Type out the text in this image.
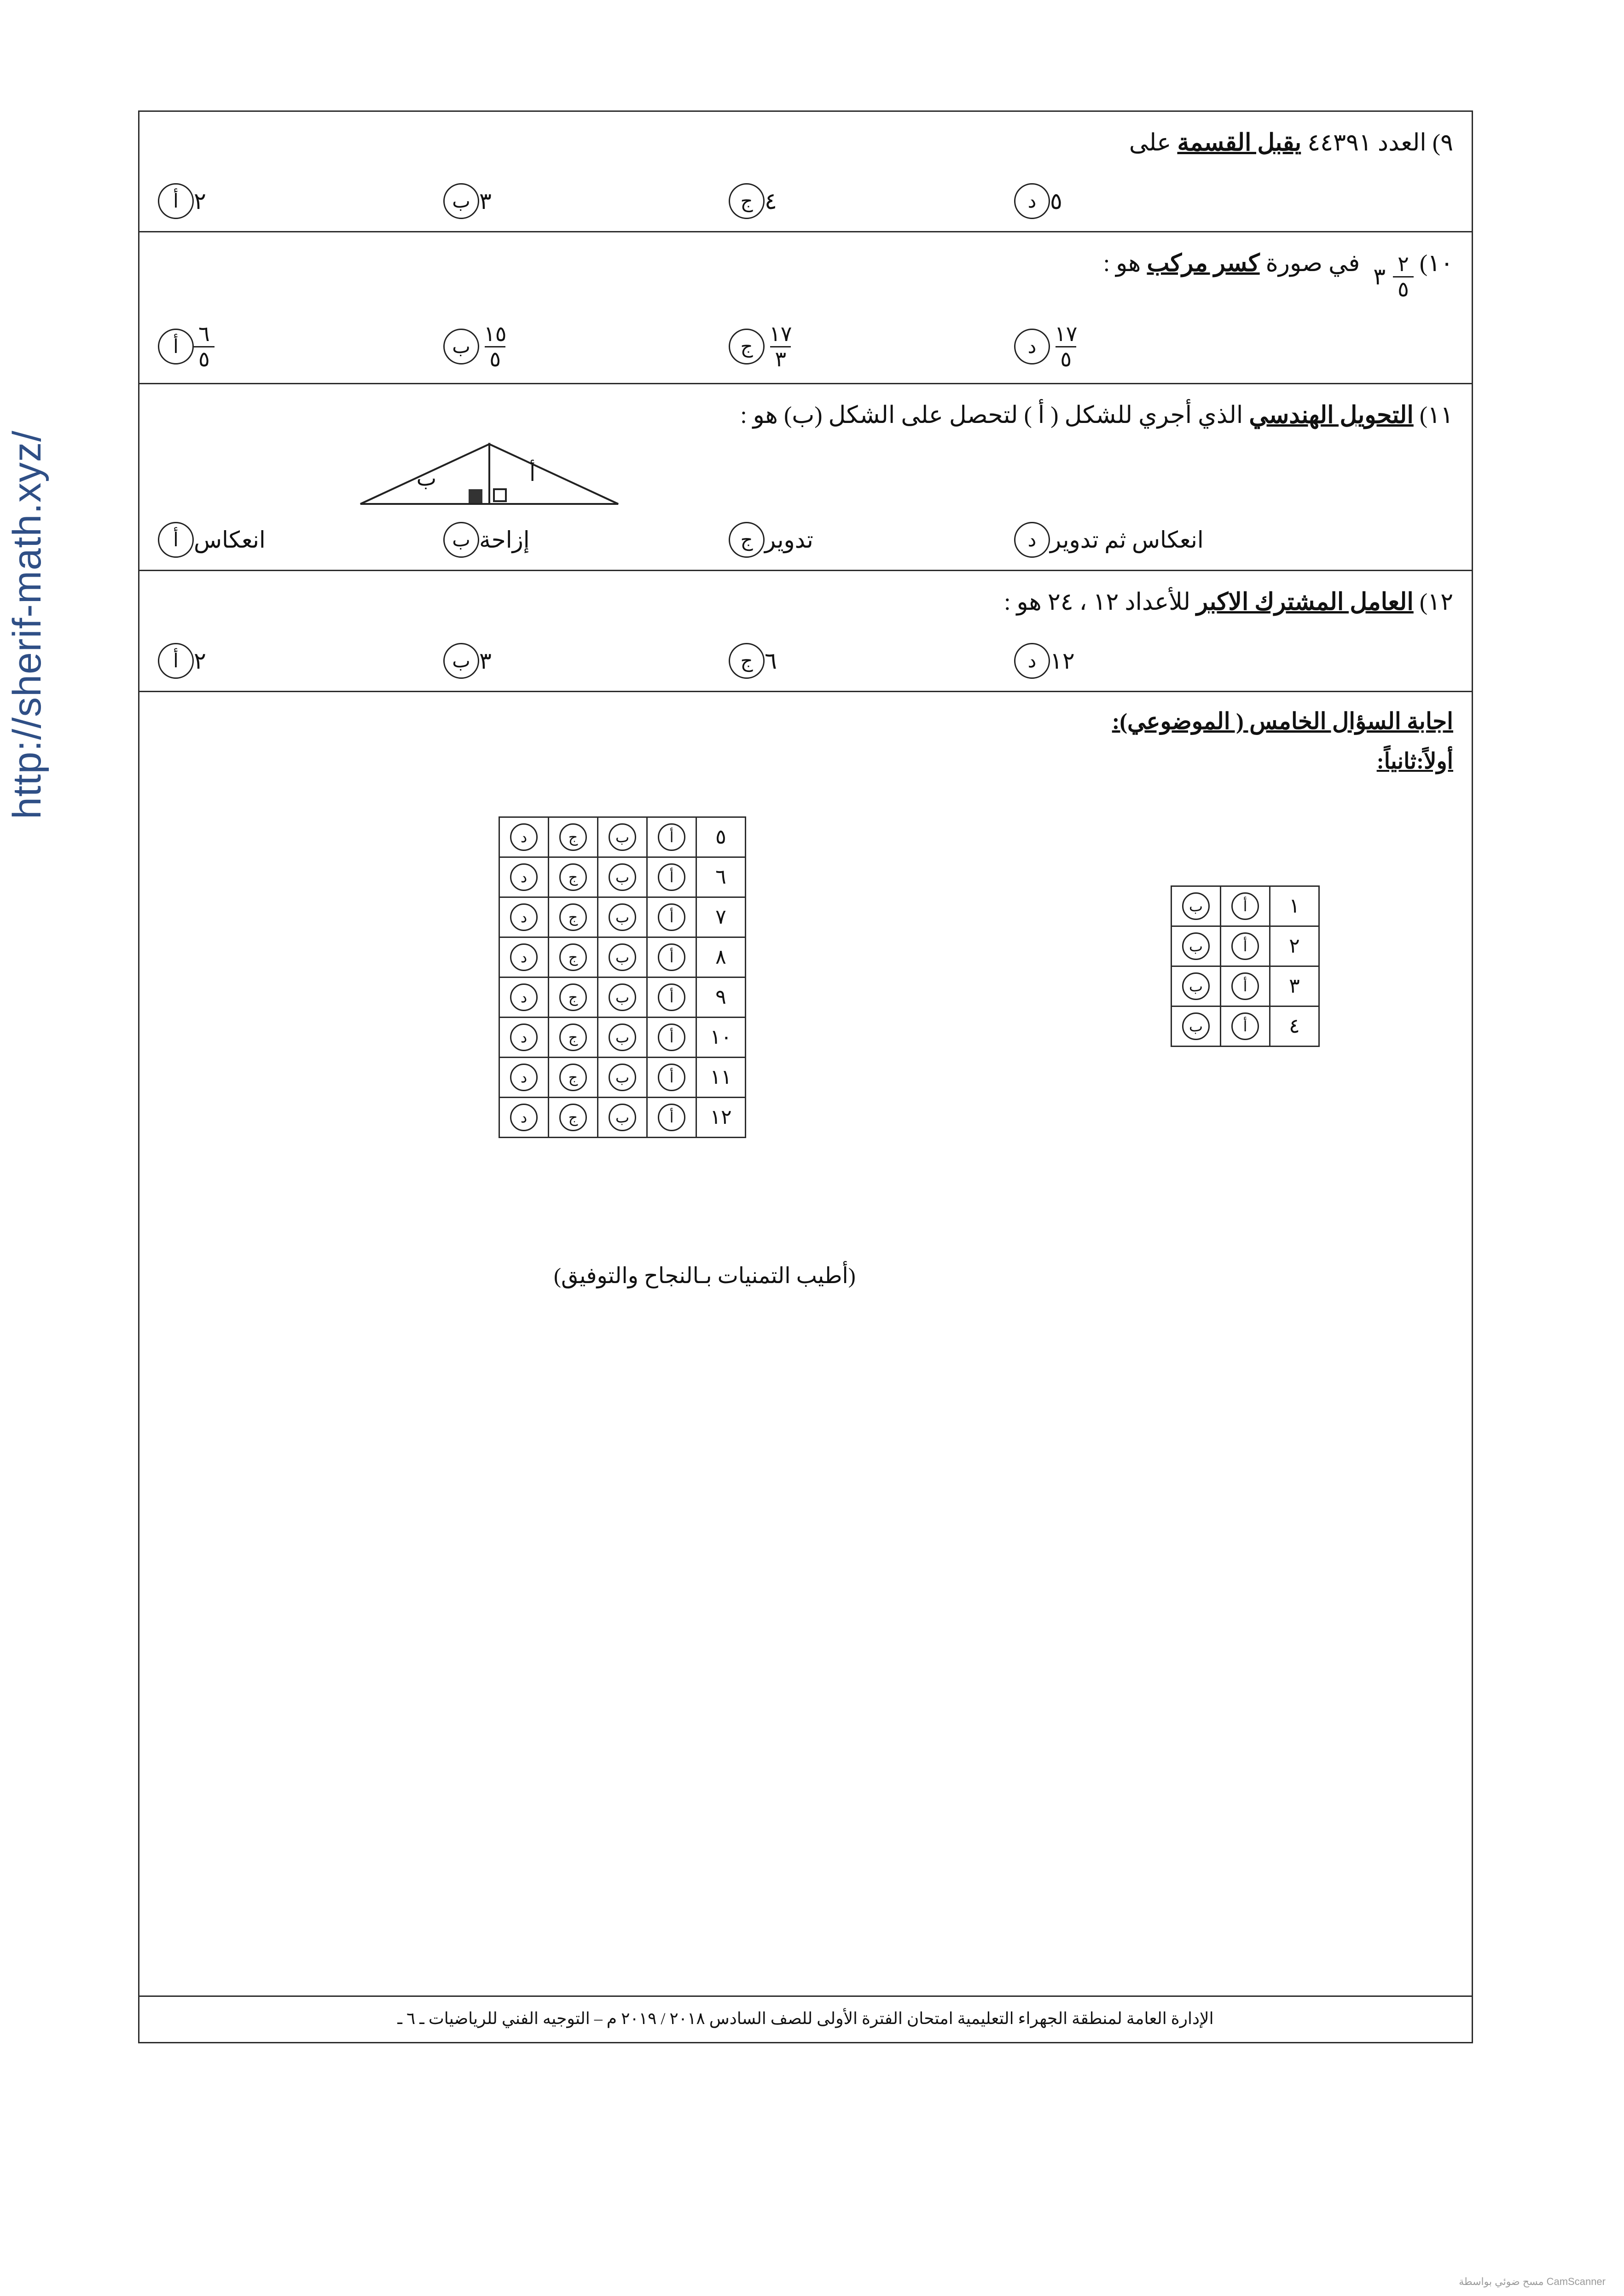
http://sherif-math.xyz/
مسح ضوئي بواسطة CamScanner
٩) العدد ٤٤٣٩١ يقبل القسمة على
أ ٢	ب ٣	ج ٤	د ٥
١٠)
٣ $\frac{٢}{٥}$
في صورة كسر مركب هو :
أ $\frac{٦}{٥}$	ب $\frac{١٥}{٥}$	ج $\frac{١٧}{٣}$	د $\frac{١٧}{٥}$
١١) التحويل الهندسي الذي أجري للشكل ( أ ) لتحصل على الشكل (ب) هو :
أ
ب
أ انعكاس	ب إزاحة	ج تدوير	د انعكاس ثم تدوير
١٢) العامل المشترك الاكبر للأعداد ١٢ ، ٢٤ هو :
أ ٢	ب ٣	ج ٦	د ١٢
اجابة السؤال الخامس ( الموضوعي):
أولاً:ثانياً:
١	أ	ب
٢	أ	ب
٣	أ	ب
٤	أ	ب
٥	أ	ب	ج	د
٦	أ	ب	ج	د
٧	أ	ب	ج	د
٨	أ	ب	ج	د
٩	أ	ب	ج	د
١٠	أ	ب	ج	د
١١	أ	ب	ج	د
١٢	أ	ب	ج	د
(أطيب التمنيات بـالنجاح والتوفيق)
الإدارة العامة لمنطقة الجهراء التعليمية امتحان الفترة الأولى للصف السادس ٢٠١٨ / ٢٠١٩ م – التوجيه الفني للرياضيات ـ ٦ ـ
